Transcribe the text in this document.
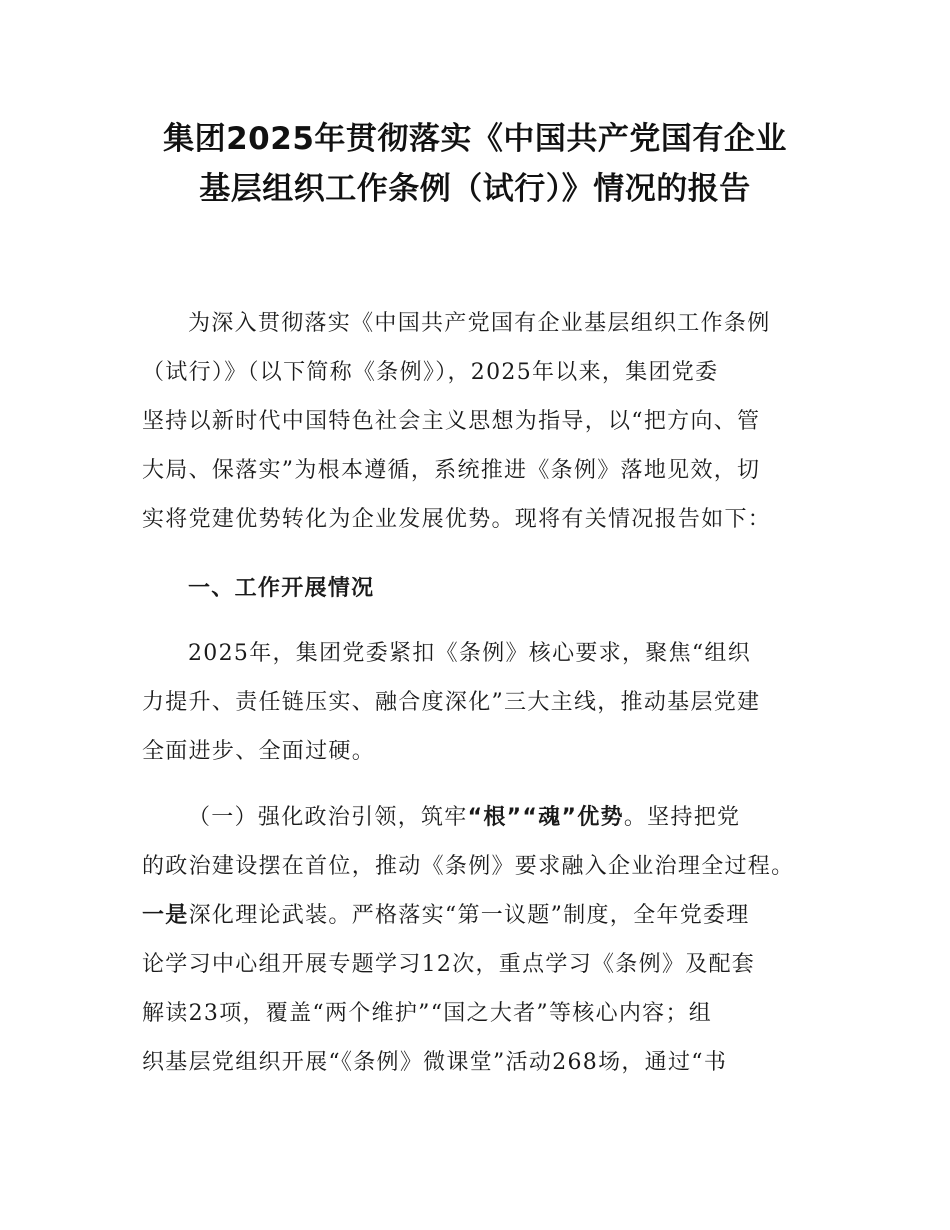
集团2025年贯彻落实《中国共产党国有企业
基层组织工作条例（试行）》情况的报告
为深入贯彻落实《中国共产党国有企业基层组织工作条例
（试行）》（以下简称《条例》），2025年以来，集团党委
坚持以新时代中国特色社会主义思想为指导，以“把方向、管
大局、保落实”为根本遵循，系统推进《条例》落地见效，切
实将党建优势转化为企业发展优势。现将有关情况报告如下：
一、工作开展情况
2025年，集团党委紧扣《条例》核心要求，聚焦“组织
力提升、责任链压实、融合度深化”三大主线，推动基层党建
全面进步、全面过硬。
（一）强化政治引领，筑牢“根”“魂”优势。坚持把党
的政治建设摆在首位，推动《条例》要求融入企业治理全过程。
一是深化理论武装。严格落实“第一议题”制度，全年党委理
论学习中心组开展专题学习12次，重点学习《条例》及配套
解读23项，覆盖“两个维护”“国之大者”等核心内容；组
织基层党组织开展“《条例》微课堂”活动268场，通过“书
